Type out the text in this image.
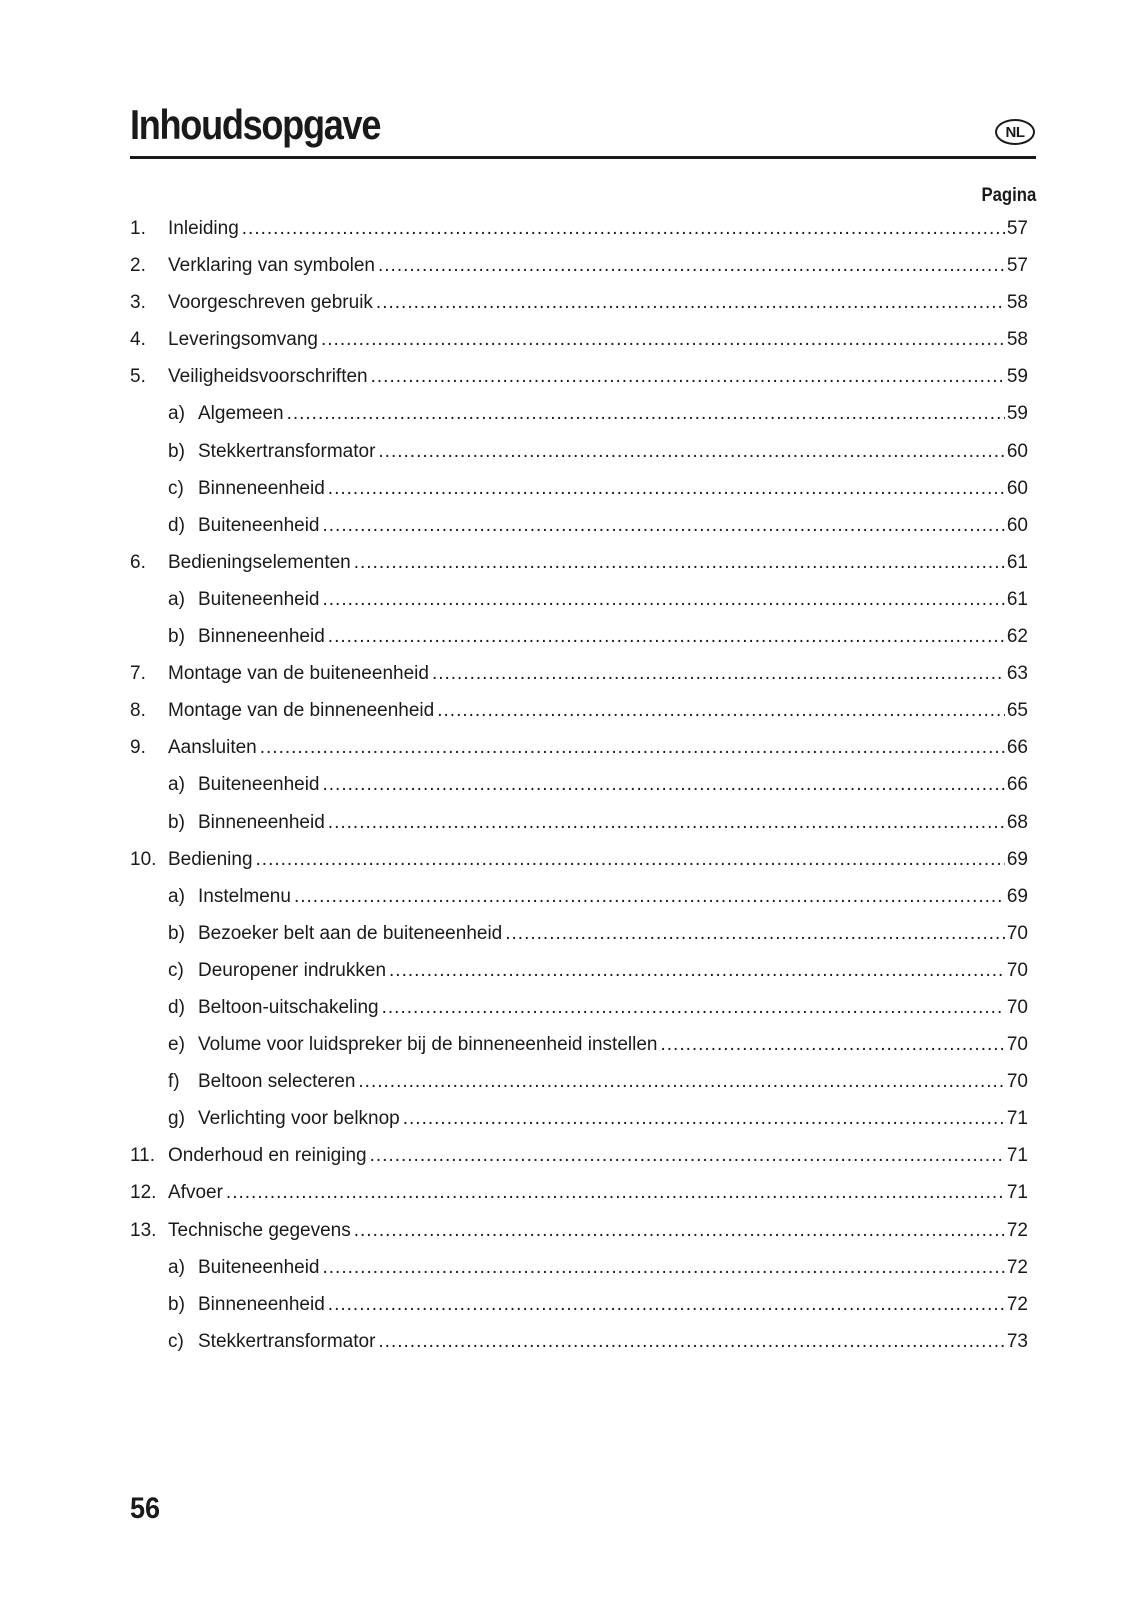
Inhoudsopgave	NL
Pagina
1.	Inleiding .....	57
2.	Verklaring van symbolen .....	57
3.	Voorgeschreven gebruik .....	58
4.	Leveringsomvang .....	58
5.	Veiligheidsvoorschriften .....	59
a) Algemeen .....	59
b) Stekkertransformator .....	60
c) Binneneenheid .....	60
d) Buiteneenheid .....	60
6.	Bedieningselementen .....	61
a) Buiteneenheid .....	61
b) Binneneenheid .....	62
7.	Montage van de buiteneenheid .....	63
8.	Montage van de binneneenheid .....	65
9.	Aansluiten .....	66
a) Buiteneenheid .....	66
b) Binneneenheid .....	68
10. Bediening .....	69
a) Instelmenu .....	69
b) Bezoeker belt aan de buiteneenheid .....	70
c) Deuropener indrukken .....	70
d) Beltoon-uitschakeling .....	70
e) Volume voor luidspreker bij de binneneenheid instellen .....	70
f) Beltoon selecteren .....	70
g) Verlichting voor belknop .....	71
11. Onderhoud en reiniging .....	71
12. Afvoer .....	71
13. Technische gegevens .....	72
a) Buiteneenheid .....	72
b) Binneneenheid .....	72
c) Stekkertransformator .....	73
56
